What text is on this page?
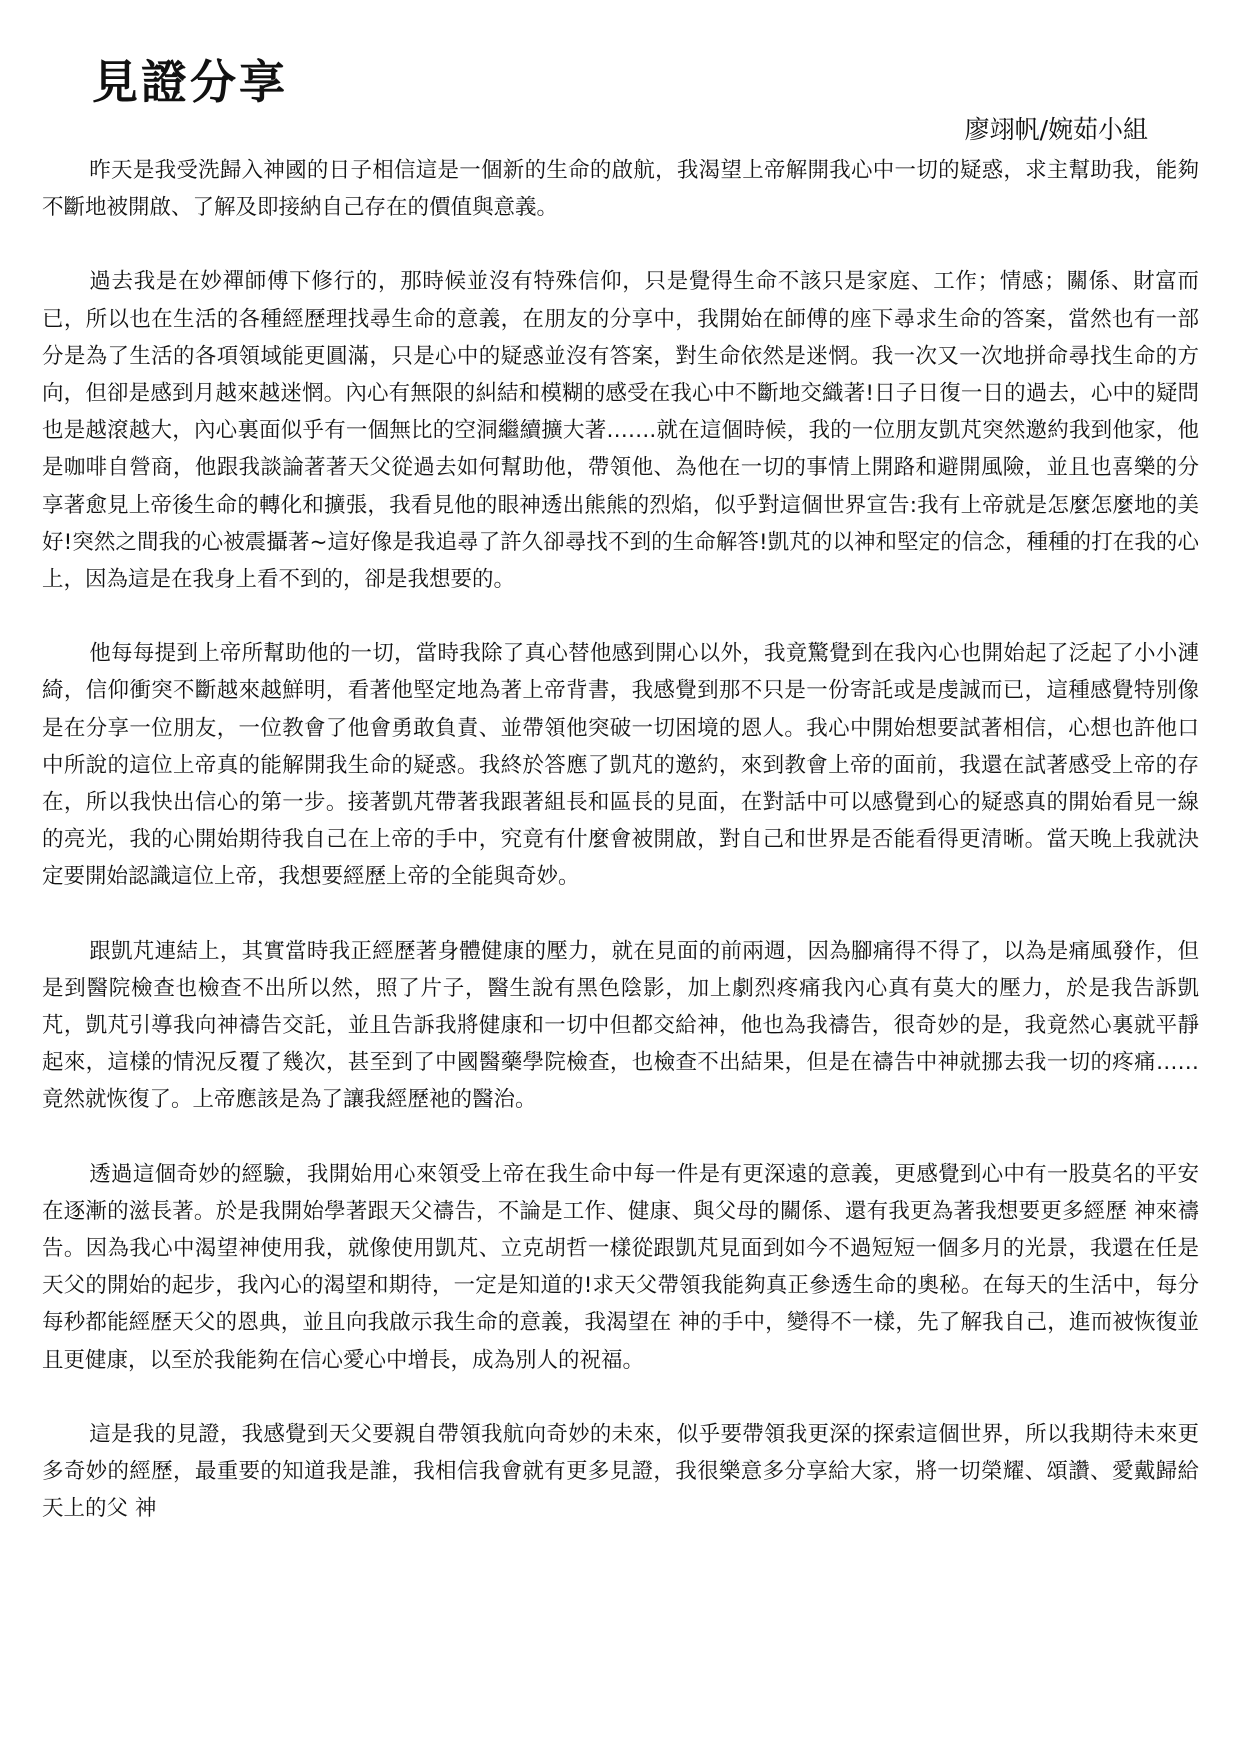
見證分享

廖翊帆/婉茹小組

昨天是我受洗歸入神國的日子相信這是一個新的生命的啟航，我渴望上帝解開我心中一切的疑惑，求主幫助我，能夠不斷地被開啟、了解及即接納自己存在的價值與意義。

過去我是在妙禪師傅下修行的，那時候並沒有特殊信仰，只是覺得生命不該只是家庭、工作；情感；關係、財富而已，所以也在生活的各種經歷理找尋生命的意義，在朋友的分享中，我開始在師傅的座下尋求生命的答案，當然也有一部分是為了生活的各項領域能更圓滿，只是心中的疑惑並沒有答案，對生命依然是迷惘。我一次又一次地拼命尋找生命的方向，但卻是感到月越來越迷惘。內心有無限的糾結和模糊的感受在我心中不斷地交織著!日子日復一日的過去，心中的疑問也是越滾越大，內心裏面似乎有一個無比的空洞繼續擴大著…….就在這個時候，我的一位朋友凱芃突然邀約我到他家，他是咖啡自營商，他跟我談論著著天父從過去如何幫助他，帶領他、為他在一切的事情上開路和避開風險，並且也喜樂的分享著愈見上帝後生命的轉化和擴張，我看見他的眼神透出熊熊的烈焰，似乎對這個世界宣告:我有上帝就是怎麼怎麼地的美好!突然之間我的心被震攝著~這好像是我追尋了許久卻尋找不到的生命解答!凱芃的以神和堅定的信念，種種的打在我的心上，因為這是在我身上看不到的，卻是我想要的。

他每每提到上帝所幫助他的一切，當時我除了真心替他感到開心以外，我竟驚覺到在我內心也開始起了泛起了小小漣綺，信仰衝突不斷越來越鮮明，看著他堅定地為著上帝背書，我感覺到那不只是一份寄託或是虔誠而已，這種感覺特別像是在分享一位朋友，一位教會了他會勇敢負責、並帶領他突破一切困境的恩人。我心中開始想要試著相信，心想也許他口中所說的這位上帝真的能解開我生命的疑惑。我終於答應了凱芃的邀約，來到教會上帝的面前，我還在試著感受上帝的存在，所以我快出信心的第一步。接著凱芃帶著我跟著組長和區長的見面，在對話中可以感覺到心的疑惑真的開始看見一線的亮光，我的心開始期待我自己在上帝的手中，究竟有什麼會被開啟，對自己和世界是否能看得更清晰。當天晚上我就決定要開始認識這位上帝，我想要經歷上帝的全能與奇妙。

跟凱芃連結上，其實當時我正經歷著身體健康的壓力，就在見面的前兩週，因為腳痛得不得了，以為是痛風發作，但是到醫院檢查也檢查不出所以然，照了片子，醫生說有黑色陰影，加上劇烈疼痛我內心真有莫大的壓力，於是我告訴凱芃，凱芃引導我向神禱告交託，並且告訴我將健康和一切中但都交給神，他也為我禱告，很奇妙的是，我竟然心裏就平靜起來，這樣的情況反覆了幾次，甚至到了中國醫藥學院檢查，也檢查不出結果，但是在禱告中神就挪去我一切的疼痛……竟然就恢復了。上帝應該是為了讓我經歷祂的醫治。

透過這個奇妙的經驗，我開始用心來領受上帝在我生命中每一件是有更深遠的意義，更感覺到心中有一股莫名的平安在逐漸的滋長著。於是我開始學著跟天父禱告，不論是工作、健康、與父母的關係、還有我更為著我想要更多經歷 神來禱告。因為我心中渴望神使用我，就像使用凱芃、立克胡哲一樣從跟凱芃見面到如今不過短短一個多月的光景，我還在任是天父的開始的起步，我內心的渴望和期待，一定是知道的!求天父帶領我能夠真正參透生命的奧秘。在每天的生活中，每分每秒都能經歷天父的恩典，並且向我啟示我生命的意義，我渴望在 神的手中，變得不一樣，先了解我自己，進而被恢復並且更健康，以至於我能夠在信心愛心中增長，成為別人的祝福。

這是我的見證，我感覺到天父要親自帶領我航向奇妙的未來，似乎要帶領我更深的探索這個世界，所以我期待未來更多奇妙的經歷，最重要的知道我是誰，我相信我會就有更多見證，我很樂意多分享給大家，將一切榮耀、頌讚、愛戴歸給天上的父 神
